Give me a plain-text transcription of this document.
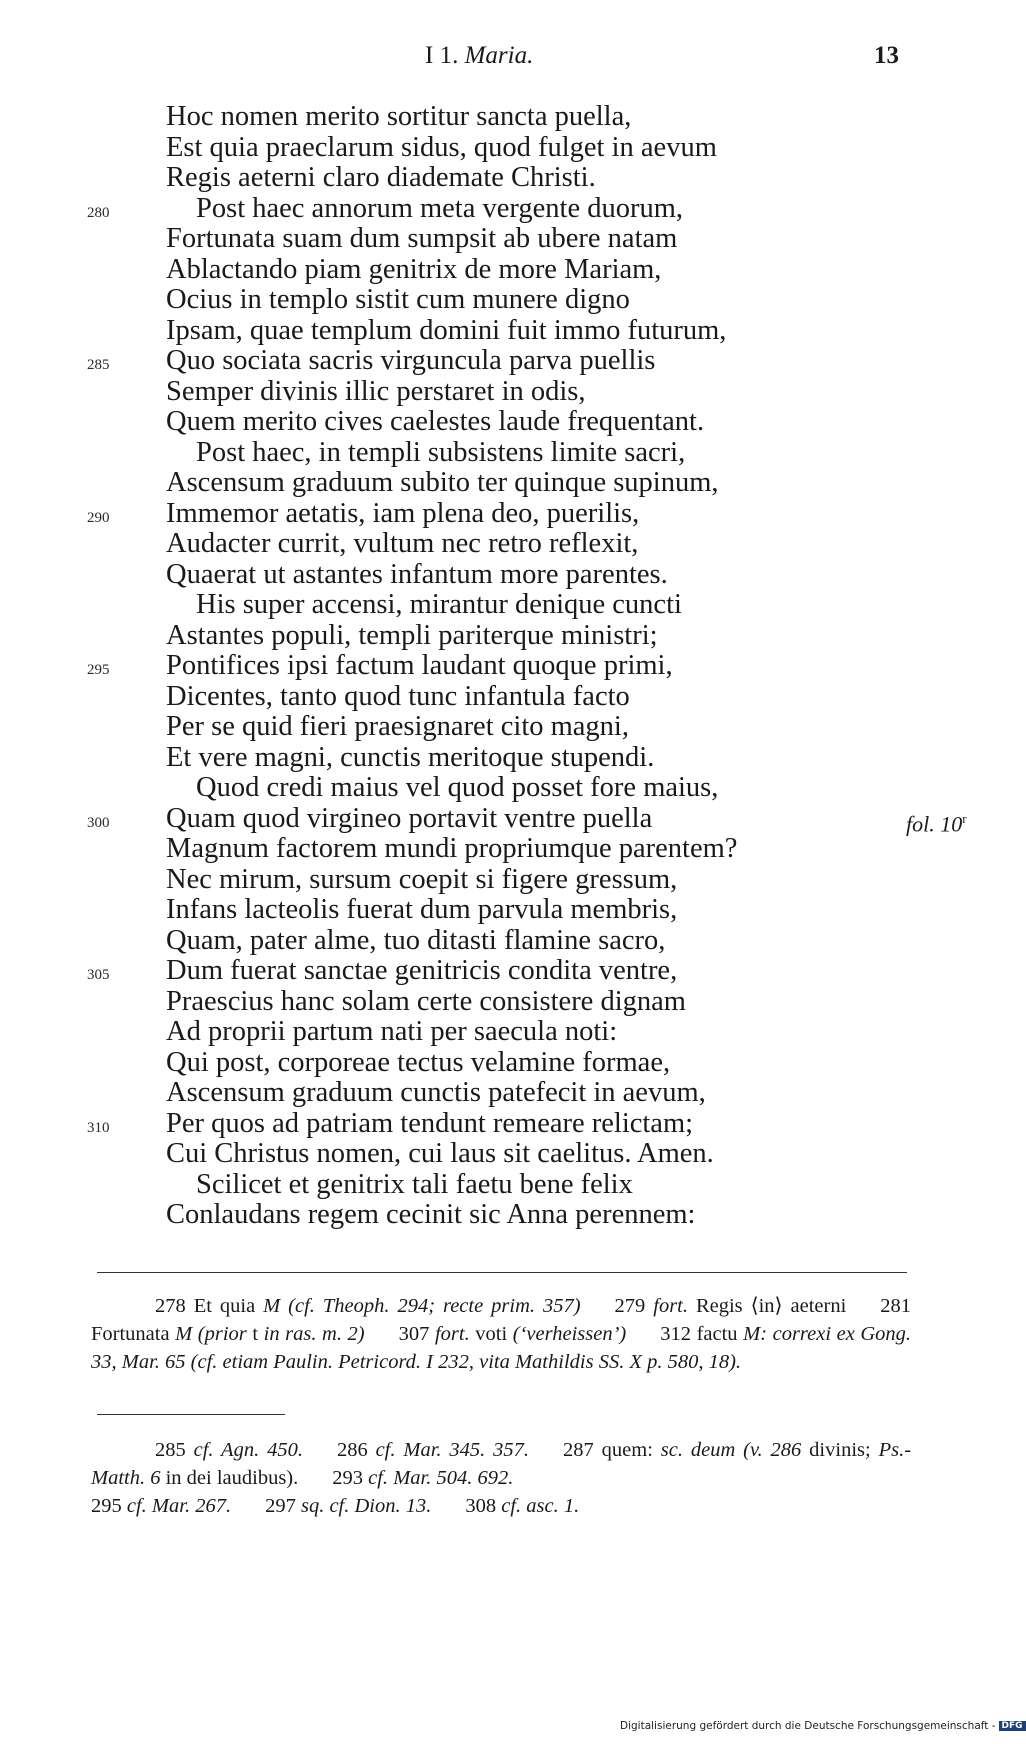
I 1. Maria.	13
Hoc nomen merito sortitur sancta puella,
Est quia praeclarum sidus, quod fulget in aevum
Regis aeterni claro diademate Christi.
280	Post haec annorum meta vergente duorum,
Fortunata suam dum sumpsit ab ubere natam
Ablactando piam genitrix de more Mariam,
Ocius in templo sistit cum munere digno
Ipsam, quae templum domini fuit immo futurum,
285 Quo sociata sacris virguncula parva puellis
Semper divinis illic perstaret in odis,
Quem merito cives caelestes laude frequentant.
Post haec, in templi subsistens limite sacri,
Ascensum graduum subito ter quinque supinum,
290 Immemor aetatis, iam plena deo, puerilis,
Audacter currit, vultum nec retro reflexit,
Quaerat ut astantes infantum more parentes.
His super accensi, mirantur denique cuncti
Astantes populi, templi pariterque ministri;
295 Pontifices ipsi factum laudant quoque primi,
Dicentes, tanto quod tunc infantula facto
Per se quid fieri praesignaret cito magni,
Et vere magni, cunctis meritoque stupendi.
Quod credi maius vel quod posset fore maius,
300 Quam quod virgineo portavit ventre puella	fol. 10$^r$
Magnum factorem mundi propriumque parentem?
Nec mirum, sursum coepit si figere gressum,
Infans lacteolis fuerat dum parvula membris,
Quam, pater alme, tuo ditasti flamine sacro,
305 Dum fuerat sanctae genitricis condita ventre,
Praescius hanc solam certe consistere dignam
Ad proprii partum nati per saecula noti:
Qui post, corporeae tectus velamine formae,
Ascensum graduum cunctis patefecit in aevum,
310 Per quos ad patriam tendunt remeare relictam;
Cui Christus nomen, cui laus sit caelitus. Amen.
Scilicet et genitrix tali faetu bene felix
Conlaudans regem cecinit sic Anna perennem:

278 Et quia M (cf. Theoph. 294; recte prim. 357) 279 fort. Regis ⟨in⟩ aeterni 281 Fortunata M (prior t in ras. m. 2) 307 fort. voti (‘verheissen’) 312 factu M: correxi ex Gong. 33, Mar. 65 (cf. etiam Paulin. Petricord. I 232, vita Mathildis SS. X p. 580, 18).

285 cf. Agn. 450. 286 cf. Mar. 345. 357. 287 quem: sc. deum (v. 286 divinis; Ps.-Matth. 6 in dei laudibus). 293 cf. Mar. 504. 692.
295 cf. Mar. 267. 297 sq. cf. Dion. 13. 308 cf. asc. 1.

Digitalisierung gefördert durch die Deutsche Forschungsgemeinschaft - DFG
